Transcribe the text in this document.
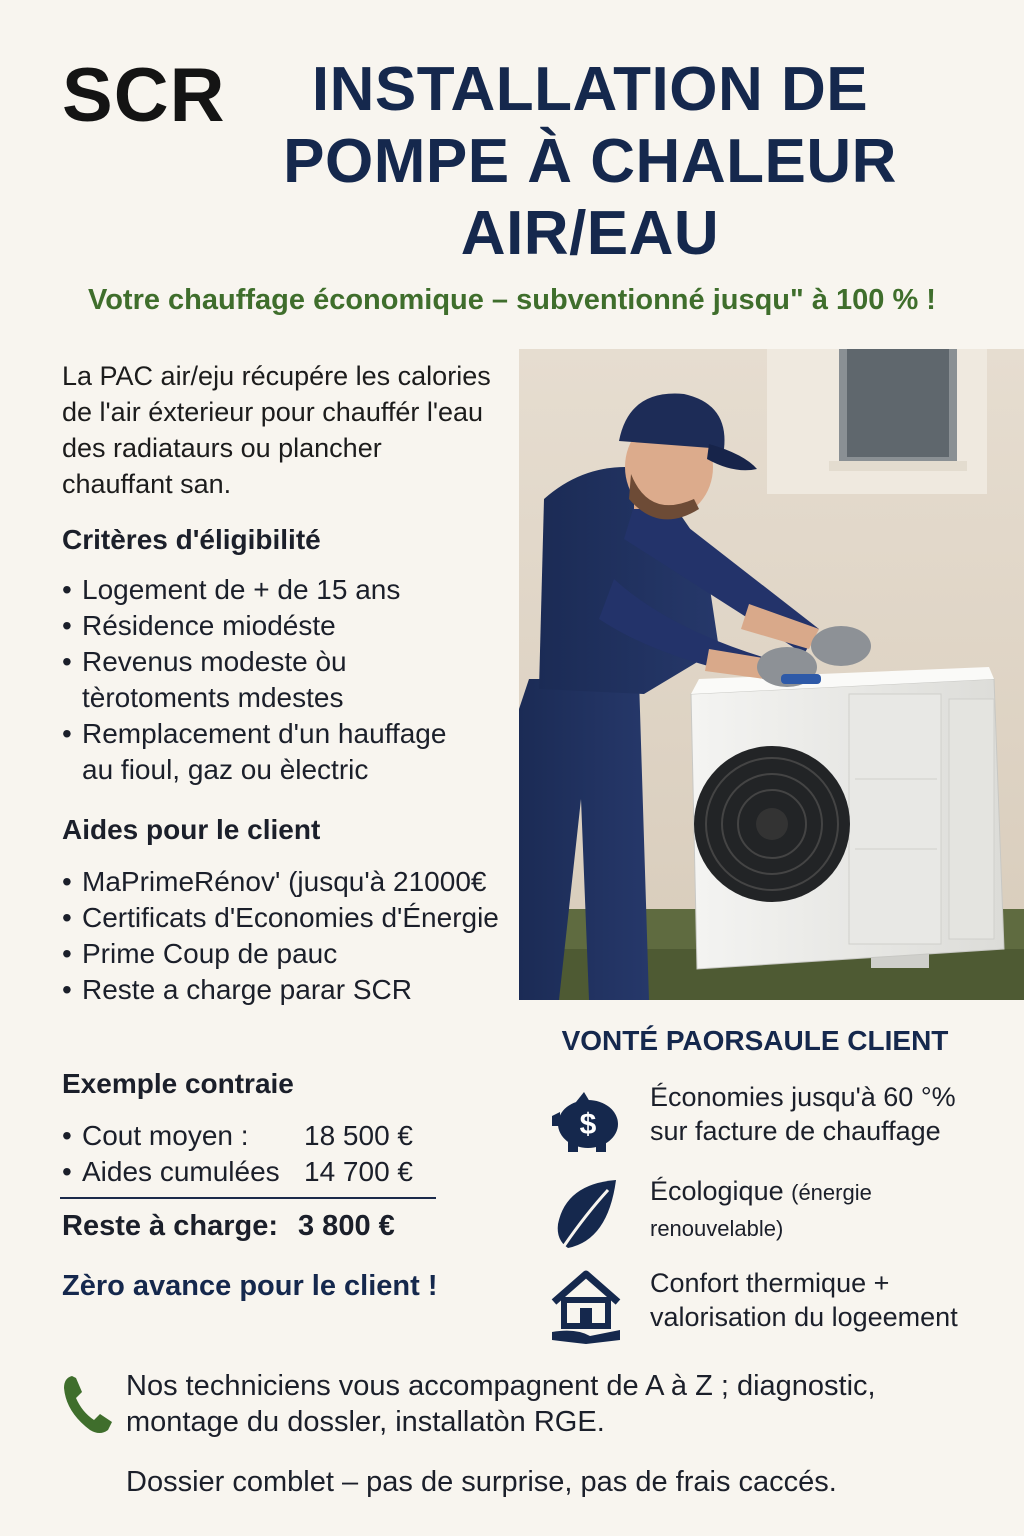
SCR	INSTALLATION DE
POMPE À CHALEUR
AIR/EAU
Votre chauffage économique – subventionné jusqu" à 100 % !
La PAC air/eju récupére les calories de l'air éxterieur pour chauffér l'eau des radiataurs ou plancher chauffant san.
Critères d'éligibilité
• Logement de + de 15 ans
• Résidence miodéste
• Revenus modeste òu tèrotoments mdestes
• Remplacement d'un hauffage au fioul, gaz ou èlectric
Aides pour le client
• MaPrimeRénov' (jusqu'à 21000€
• Certificats d'Economies d'Énergie
• Prime Coup de pauc
• Reste a charge parar SCR
Exemple contraie
• Cout moyen :	18 500 €
• Aides cumulées 14 700 €
Reste à charge: 3 800 €
Zèro avance pour le client !
VONTÉ PAORSAULE CLIENT
$
Économies jusqu'à 60 °% sur facture de chauffage
Écologique (énergie renouvelable)
Confort thermique + valorisation du logeement
Nos techniciens vous accompagnent de A à Z ; diagnostic, montage du dossler, installatòn RGE.
Dossier comblet – pas de surprise, pas de frais caccés.
